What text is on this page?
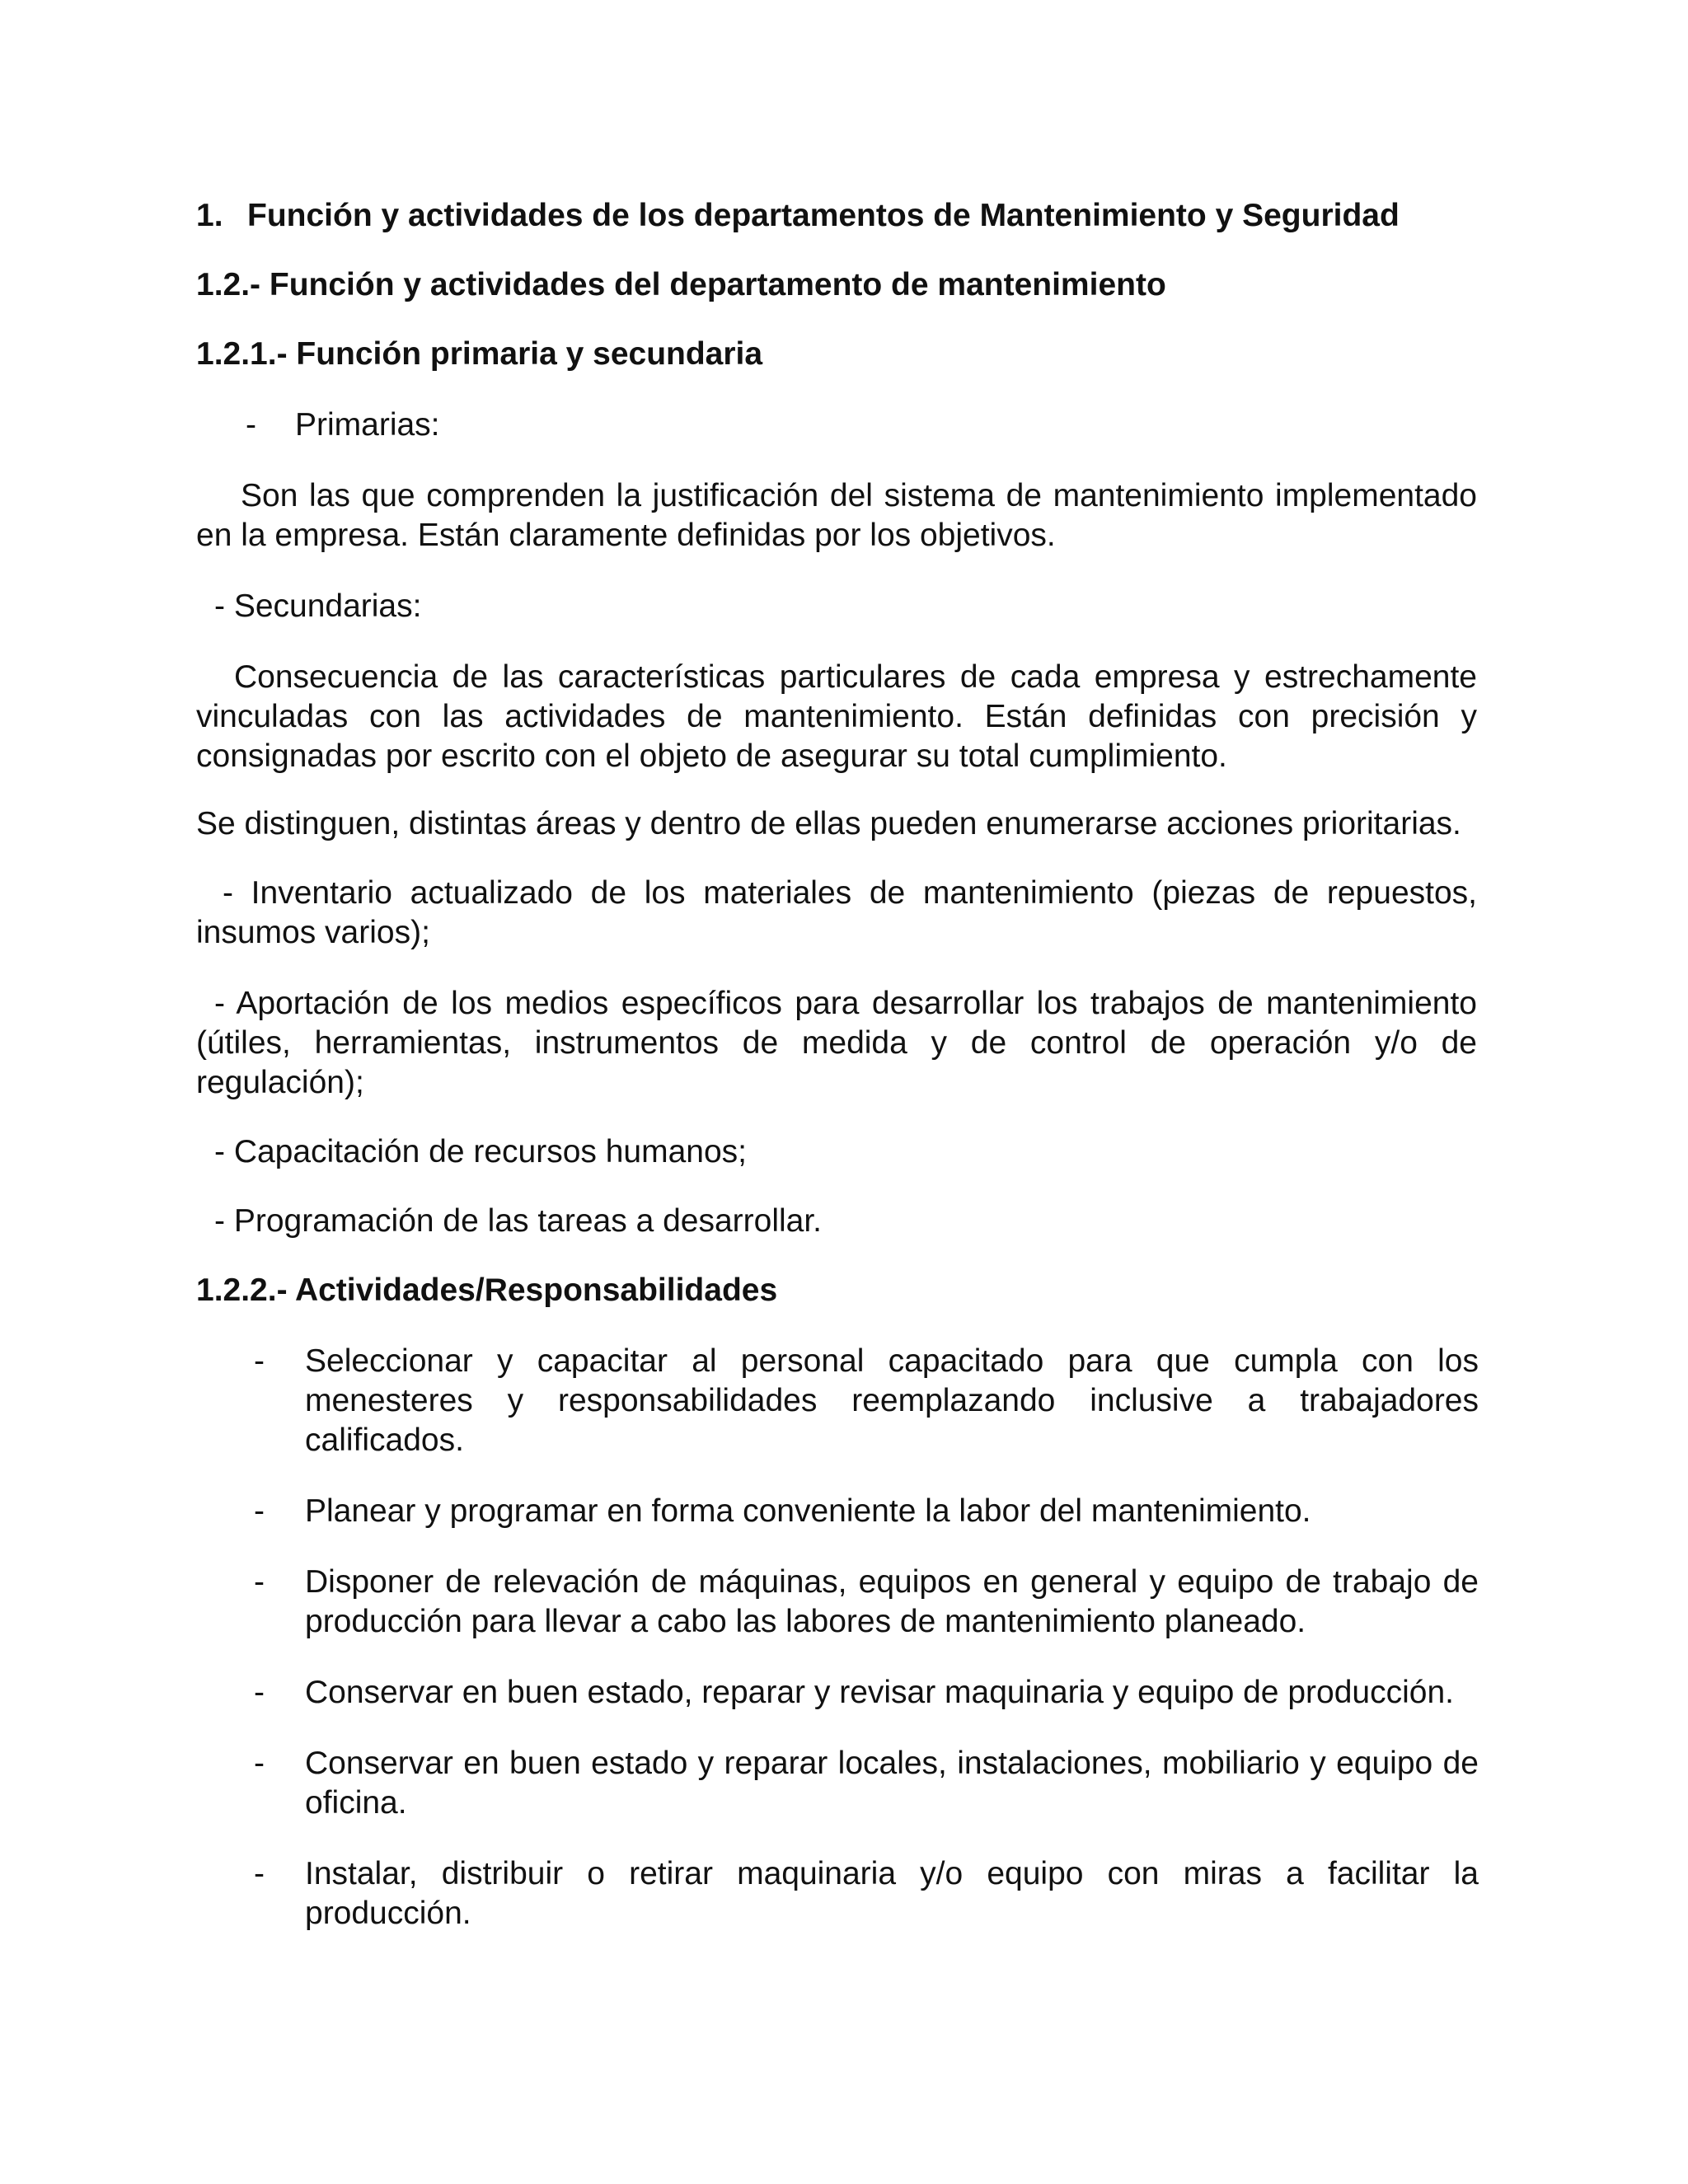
1. Función y actividades de los departamentos de Mantenimiento y Seguridad
1.2.- Función y actividades del departamento de mantenimiento
1.2.1.- Función primaria y secundaria
- Primarias:

Son las que comprenden la justificación del sistema de mantenimiento implementado en la empresa. Están claramente definidas por los objetivos.

- Secundarias:

Consecuencia de las características particulares de cada empresa y estrechamente vinculadas con las actividades de mantenimiento. Están definidas con precisión y consignadas por escrito con el objeto de asegurar su total cumplimiento.

Se distinguen, distintas áreas y dentro de ellas pueden enumerarse acciones prioritarias.

- Inventario actualizado de los materiales de mantenimiento (piezas de repuestos, insumos varios);

- Aportación de los medios específicos para desarrollar los trabajos de mantenimiento (útiles, herramientas, instrumentos de medida y de control de operación y/o de regulación);

- Capacitación de recursos humanos;

- Programación de las tareas a desarrollar.

1.2.2.- Actividades/Responsabilidades
- Seleccionar y capacitar al personal capacitado para que cumpla con los menesteres y responsabilidades reemplazando inclusive a trabajadores calificados.

- Planear y programar en forma conveniente la labor del mantenimiento.

- Disponer de relevación de máquinas, equipos en general y equipo de trabajo de producción para llevar a cabo las labores de mantenimiento planeado.

- Conservar en buen estado, reparar y revisar maquinaria y equipo de producción.

- Conservar en buen estado y reparar locales, instalaciones, mobiliario y equipo de oficina.

- Instalar, distribuir o retirar maquinaria y/o equipo con miras a facilitar la producción.
